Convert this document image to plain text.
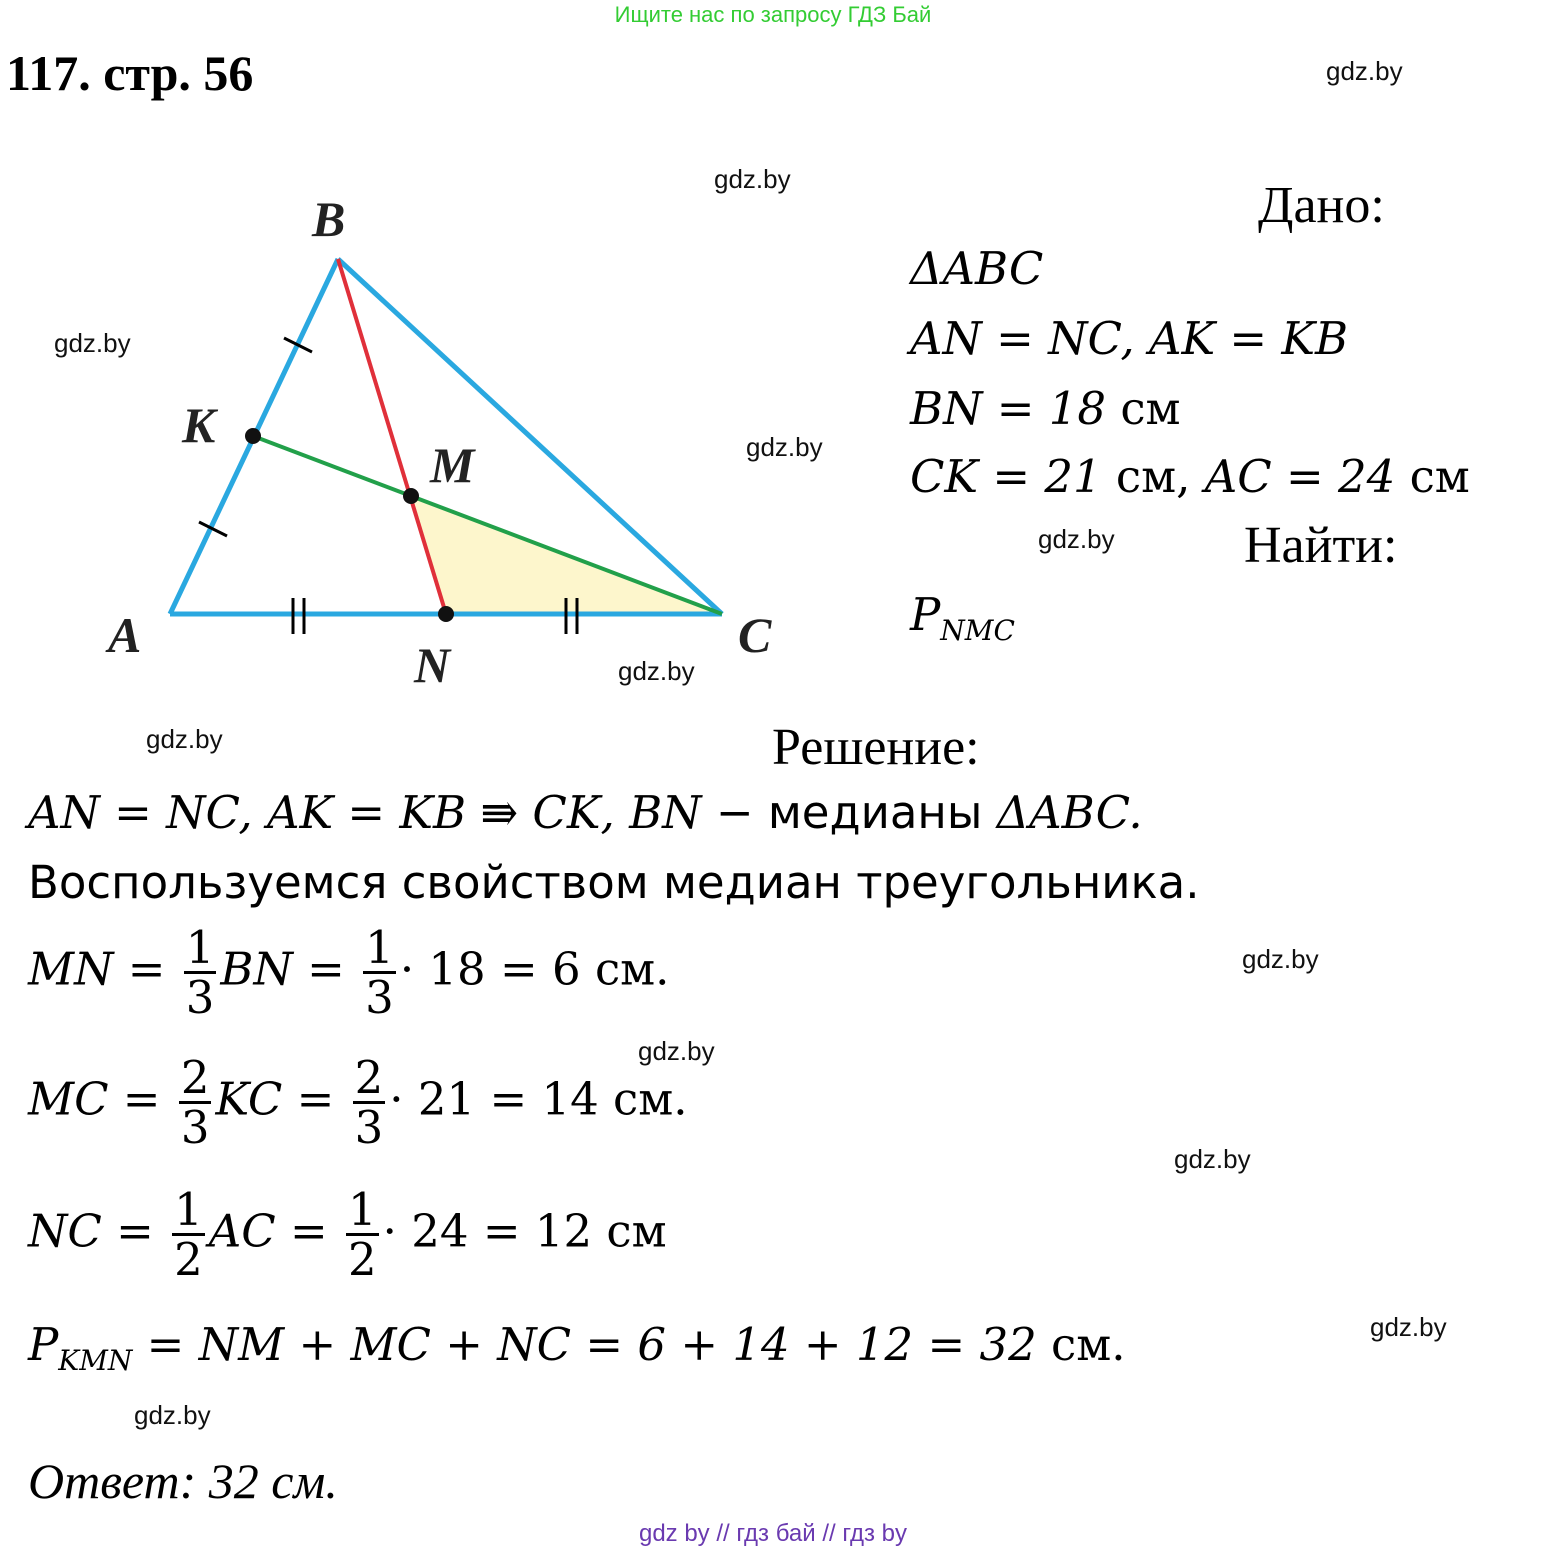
Ищите нас по запросу ГДЗ Бай
117. стр. 56	gdz.by
gdz.by
gdz.by
gdz.by
gdz.by
gdz.by
gdz.by
gdz.by
gdz.by
gdz.by
gdz.by
gdz.by
B
K
M
A
N
C
Дано:
ΔABC
AN = NC, AK = KB
BN = 18 см
CK = 21 см, AC = 24 см
Найти:
$P_{NMC}$
Решение:
AN = NC, AK = KB ⇛ CK, BN − медианы ΔABC.
Воспользуемся свойством медиан треугольника.
MN = $\frac{1}{3}$ BN = $\frac{1}{3} \cdot 18 = 6$ см.
MC = $\frac{2}{3}$ KC = $\frac{2}{3} \cdot 21 = 14$ см.
NC = $\frac{1}{2}$ AC = $\frac{1}{2} \cdot 24 = 12$ см
$P_{KMN}$ = NM + MC + NC = 6 + 14 + 12 = 32 см.
Ответ: 32 см.
gdz by // гдз бай // гдз by
